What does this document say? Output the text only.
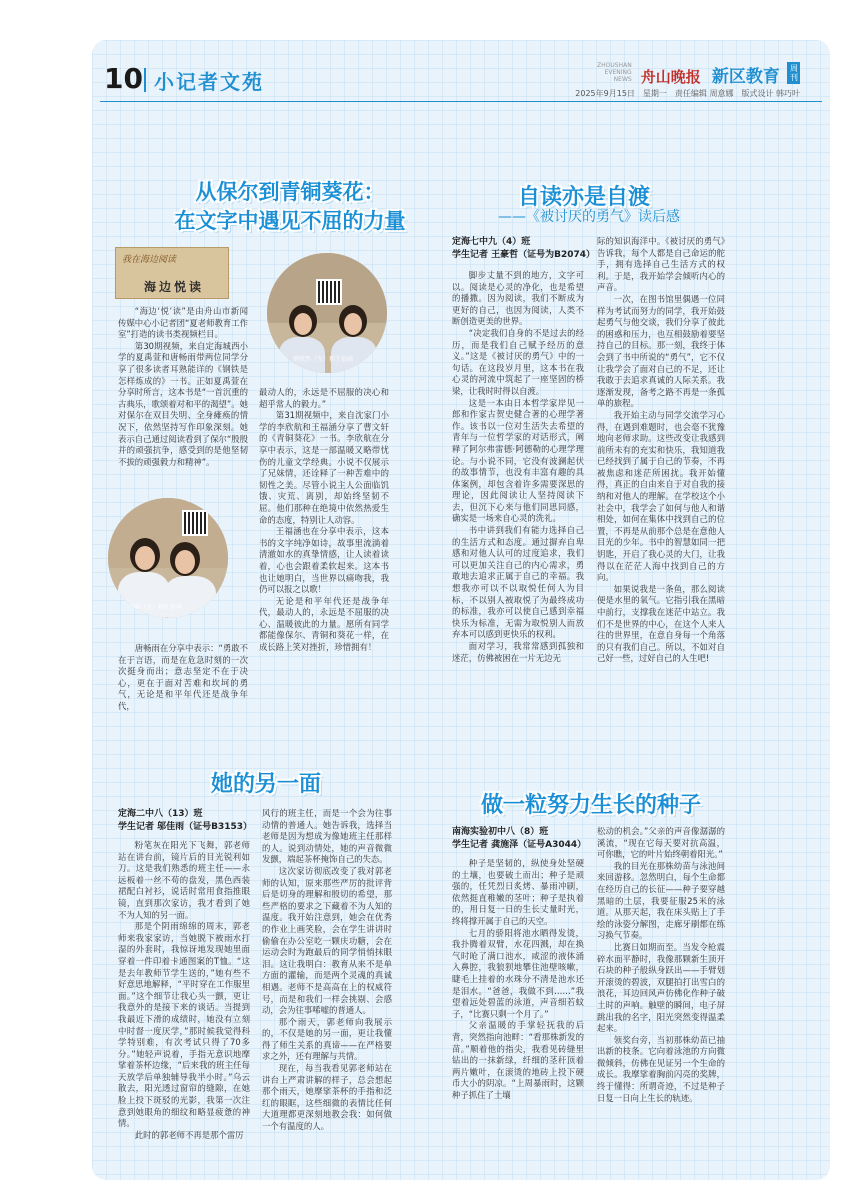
10 小记者文苑
ZHOUSHAN EVENING NEWS 舟山晚报 新区教育 周刊
2025年9月15日　星期一　责任编辑 周意娜　版式设计 韩巧叶
从保尔到青铜葵花：
在文字中遇见不屈的力量
我在海边阅读
海边悦读
薛欣然（左）和王福涵
唐畅雨（左）和叶新苒

“海边‘悦’读”是由舟山市新闻传媒中心小记者团“夏老师教育工作室”打造的读书类视频栏目。

第30期视频，来自定海城西小学的夏禹萱和唐畅雨带两位同学分享了很多读者耳熟能详的《钢铁是怎样炼成的》一书。正如夏禹萱在分享时所言，这本书是“一首沉重的古典乐，歌颂着对和平的渴望”。她对保尔在双目失明、全身瘫痪的情况下，依然坚持写作印象深刻。她表示自己通过阅读看到了保尔“殷殷并的顽强抗争，感受到的是他坚韧不拔的顽强毅力和精神”。

唐畅雨在分享中表示：“勇敢不在于言语，而是在危急时刻的一次次挺身而出；意志坚定不在于决心，更在于面对苦难和坎坷的勇气，无论是和平年代还是战争年代，

最动人的，永远是不屈服的决心和超乎常人的毅力。”

第31期视频中，来自沈家门小学的李欣航和王福涵分享了曹文轩的《青铜葵花》一书。李欣航在分享中表示，这是一部温暖又略带忧伤的儿童文学经典。小说不仅展示了兄妹情，还诠释了一种苦难中的韧性之美。尽管小说主人公面临饥饿、灾荒、离别，却始终坚韧不屈。他们那种在绝境中依然热爱生命的态度，特别让人动容。

王福涵也在分享中表示，这本书的文字纯净如诗，故事里流淌着清澈如水的真挚情感，让人读着读着，心也会跟着柔软起来。这本书也让她明白，当世界以痛吻我，我仍可以报之以歌！

无论是和平年代还是战争年代，最动人的，永远是不屈服的决心、温暖彼此的力量。愿所有同学都能像保尔、青铜和葵花一样，在成长路上笑对挫折，珍惜拥有！

自读亦是自渡
——《被讨厌的勇气》读后感
定海七中九（4）班
学生记者 王豪哲（证号为B2074）

脚步丈量不到的地方，文字可以。阅读是心灵的净化，也是希望的播撒。因为阅读，我们不断成为更好的自己，也因为阅读，人类不断创造更美的世界。

“决定我们自身的不是过去的经历，而是我们自己赋予经历的意义。”这是《被讨厌的勇气》中的一句话。在这段岁月里，这本书在我心灵的河流中筑起了一座坚固的桥梁，让我时时得以自渡。

这是一本由日本哲学家岸见一郎和作家古贺史健合著的心理学著作。该书以一位对生活失去希望的青年与一位哲学家的对话形式，阐释了阿尔弗雷德·阿德勒的心理学理论。与小说不同，它没有波澜起伏的故事情节，也没有丰富有趣的具体案例，却包含着许多需要深思的理论，因此阅读让人坚持阅读下去，但沉下心来与他们同思同感，确实是一场来自心灵的洗礼。

书中讲到我们有能力选择自己的生活方式和态度。通过摒弃自卑感和对他人认可的过度追求，我们可以更加关注自己的内心需求，勇敢地去追求正属于自己的幸福。我想我亦可以不以取悦任何人为目标，不以别人被取悦了为最终成功的标准，我亦可以使自己感到幸福快乐为标准，无需为取悦别人而放弃本可以感到更快乐的权利。

面对学习，我常常感到孤独和迷茫，仿佛被困在一片无边无

际的知识海洋中。《被讨厌的勇气》告诉我，每个人都是自己命运的舵手，拥有选择自己生活方式的权利。于是，我开始学会倾听内心的声音。

一次，在图书馆里偶遇一位同样为考试而努力的同学，我开始鼓起勇气与他交谈，我们分享了彼此的困惑和压力，也互相鼓励着要坚持自己的目标。那一刻，我终于体会到了书中所说的“勇气”，它不仅让我学会了面对自己的不足，还让我敢于去追求真诚的人际关系。我逐渐发现，备考之路不再是一条孤单的旅程。

我开始主动与同学交流学习心得，在遇到难题时，也会毫不犹豫地向老师求助。这些改变让我感到前所未有的充实和快乐，我知道我已经找到了属于自己的节奏，不再被焦虑和迷茫所困扰。我开始懂得，真正的自由来自于对自我的接纳和对他人的理解。在学校这个小社会中，我学会了如何与他人和谐相处，如何在集体中找到自己的位置，不再是从前那个总是在意他人目光的少年。书中的智慧如同一把钥匙，开启了我心灵的大门，让我得以在茫茫人海中找到自己的方向。

如果说我是一条鱼，那么阅读便是水里的氧气。它指引我在黑暗中前行，支撑我在迷茫中站立。我们不是世界的中心，在这个人来人往的世界里，在意自身每一个角落的只有我们自己。所以，不如对自己好一些，过好自己的人生吧!

她的另一面
定海二中八（13）班
学生记者 邬佳雨（证号B3153）

粉笔灰在阳光下飞舞，郭老师站在讲台前，镜片后的目光锐利如刀。这是我们熟悉的班主任——永远板着一丝不苟的盘发，黑色西装裙配白衬衫，说话时常用食指推眼镜，直到那次家访，我才看到了她不为人知的另一面。

那是个阴雨绵绵的周末，郭老师来我家家访，当她脱下被雨水打湿的外套时，我惊讶地发现她里面穿着一件印着卡通图案的T恤。“这是去年教师节学生送的，”她有些不好意思地解释，“平时穿在工作服里面。”这个细节让我心头一颤，更让我意外的是接下来的谈话。当提到我最近下滑的成绩时，她没有立刻中时督一度厌学，”那时候我觉得科学特别难，有次考试只得了70多分。”她轻声说着，手指无意识地摩挲着茶杯边缘，“后来我的班主任每天放学后单独辅导我半小时。”乌云散去，阳光透过窗帘的缝隙，在她脸上投下斑驳的光影，我第一次注意到她眼角的细纹和略显疲惫的神情。

此时的郭老师不再是那个雷厉

风行的班主任，而是一个会为往事动情的普通人。她告诉我，选择当老师是因为想成为像她班主任那样的人。说到动情处，她的声音微微发颤，端起茶杯掩饰自己的失态。

这次家访彻底改变了我对郭老师的认知，原来那些严厉的批评背后是切身的理解和殷切的希望，那些严格的要求之下藏着不为人知的温度。我开始注意到，她会在优秀的作业上画笑脸，会在学生讲讲时偷偷在办公室吃一颗庆功糖，会在运动会时为跑最后的同学悄悄抹眼泪。这让我明白：教育从来不是单方面的灌输，而是两个灵魂的真诚相遇。老师不是高高在上的权威符号，而是和我们一样会挑剔、会感动，会为往事唏嘘的普通人。

那个雨天，郭老师向我展示的，不仅是她的另一面，更让我懂得了师生关系的真谛——在严格要求之外，还有理解与共情。

现在，每当我看见郭老师站在讲台上严肃讲解的样子，总会想起那个雨天，她摩挲茶杯的手指和泛红的眼眶，这些细微的表情比任何大道理都更深刻地教会我：如何做一个有温度的人。

做一粒努力生长的种子
南海实验初中八（8）班
学生记者 龚施泽（证号A3044）

种子是坚韧的，纵使身处坚硬的土壤，也要破土而出；种子是顽强的，任凭烈日炙烤、暴雨冲刷，依然挺直稚嫩的茎叶；种子是执着的，用日复一日的生长丈量时光，终将撑开属于自己的天空。

七月的骄阳将池水晒得发烫，我扑腾着双臂，水花四溅，却在换气时呛了满口池水，咸涩的液体涌入鼻腔，我狼狈地攀住池壁咳嗽，睫毛上挂着的水珠分不清是池水还是泪水。“爸爸，我做不到……”我望着远处碧蓝的泳道，声音细若蚊子，“比赛只剩一个月了。”

父亲温暖的手掌轻抚我的后背，突然指向池畔：“看那株新发的苗。”顺着他的指尖，我看见砖缝里钻出的一抹新绿，纤细的茎秆顶着两片嫩叶，在滚烫的地砖上投下硬币大小的阴凉。“上周暴雨时，这颗种子抓住了土壤

松动的机会。”父亲的声音像潺潺的溪流，“现在它每天要对抗高温，可你瞧，它的叶片始终朝着阳光。”

我的目光在那株幼苗与泳池间来回游移。忽然明白，每个生命都在经历自己的长征——种子要穿越黑暗的土层，我要征服25米的泳道。从那天起，我在床头贴上了手绘的泳姿分解图，走廊牙刷都在练习换气节奏。

比赛日如期而至。当发令枪震碎水面平静时，我像那颗新生顶开石块的种子般纵身跃出——手臂划开滚烫的碧波，双腿拍打出雪白的浪花，耳边回风声仿佛化作种子破土时的声响。触壁的瞬间，电子屏跳出我的名字，阳光突然变得温柔起来。

领奖台旁，当初那株幼苗已抽出新的枝条。它向着泳池的方向微微倾斜，仿佛在见证另一个生命的成长。我摩挲着胸前闪亮的奖牌，终于懂得：所谓奇迹，不过是种子日复一日向上生长的轨迹。
